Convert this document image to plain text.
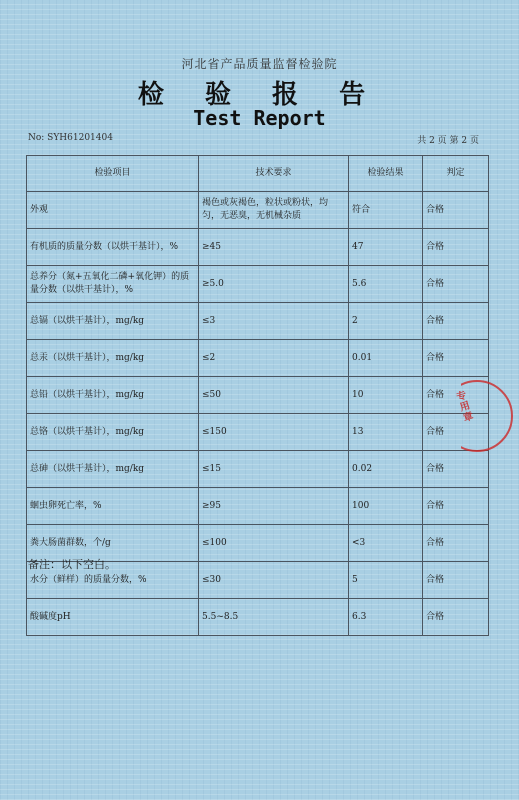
河北省产品质量监督检验院
检 验 报 告
Test Report
No: SYH6120140​4	共 2 页 第 2 页
检验项目	技术要求	检验结果	判定
外观	褐色或灰褐色，粒状或粉状，均匀，无恶臭，无机械杂质	符合	合格
有机质的质量分数（以烘干基计），%	≥45	47	合格
总养分（氮+五氧化二磷+氧化钾）的质量分数（以烘干基计），%	≥5.0	5.6	合格
总镉（以烘干基计），mg/kg	≤3	2	合格
总汞（以烘干基计），mg/kg	≤2	0.01	合格
总铅（以烘干基计），mg/kg	≤50	10	合格
总铬（以烘干基计），mg/kg	≤150	13	合格
总砷（以烘干基计），mg/kg	≤15	0.02	合格
蛔虫卵死亡率，%	≥95	100	合格
粪大肠菌群数，个/g	≤100	<3	合格
水分（鲜样）的质量分数，%	≤30	5	合格
酸碱度pH	5.5~8.5	6.3	合格
备注：以下空白。
专用章
